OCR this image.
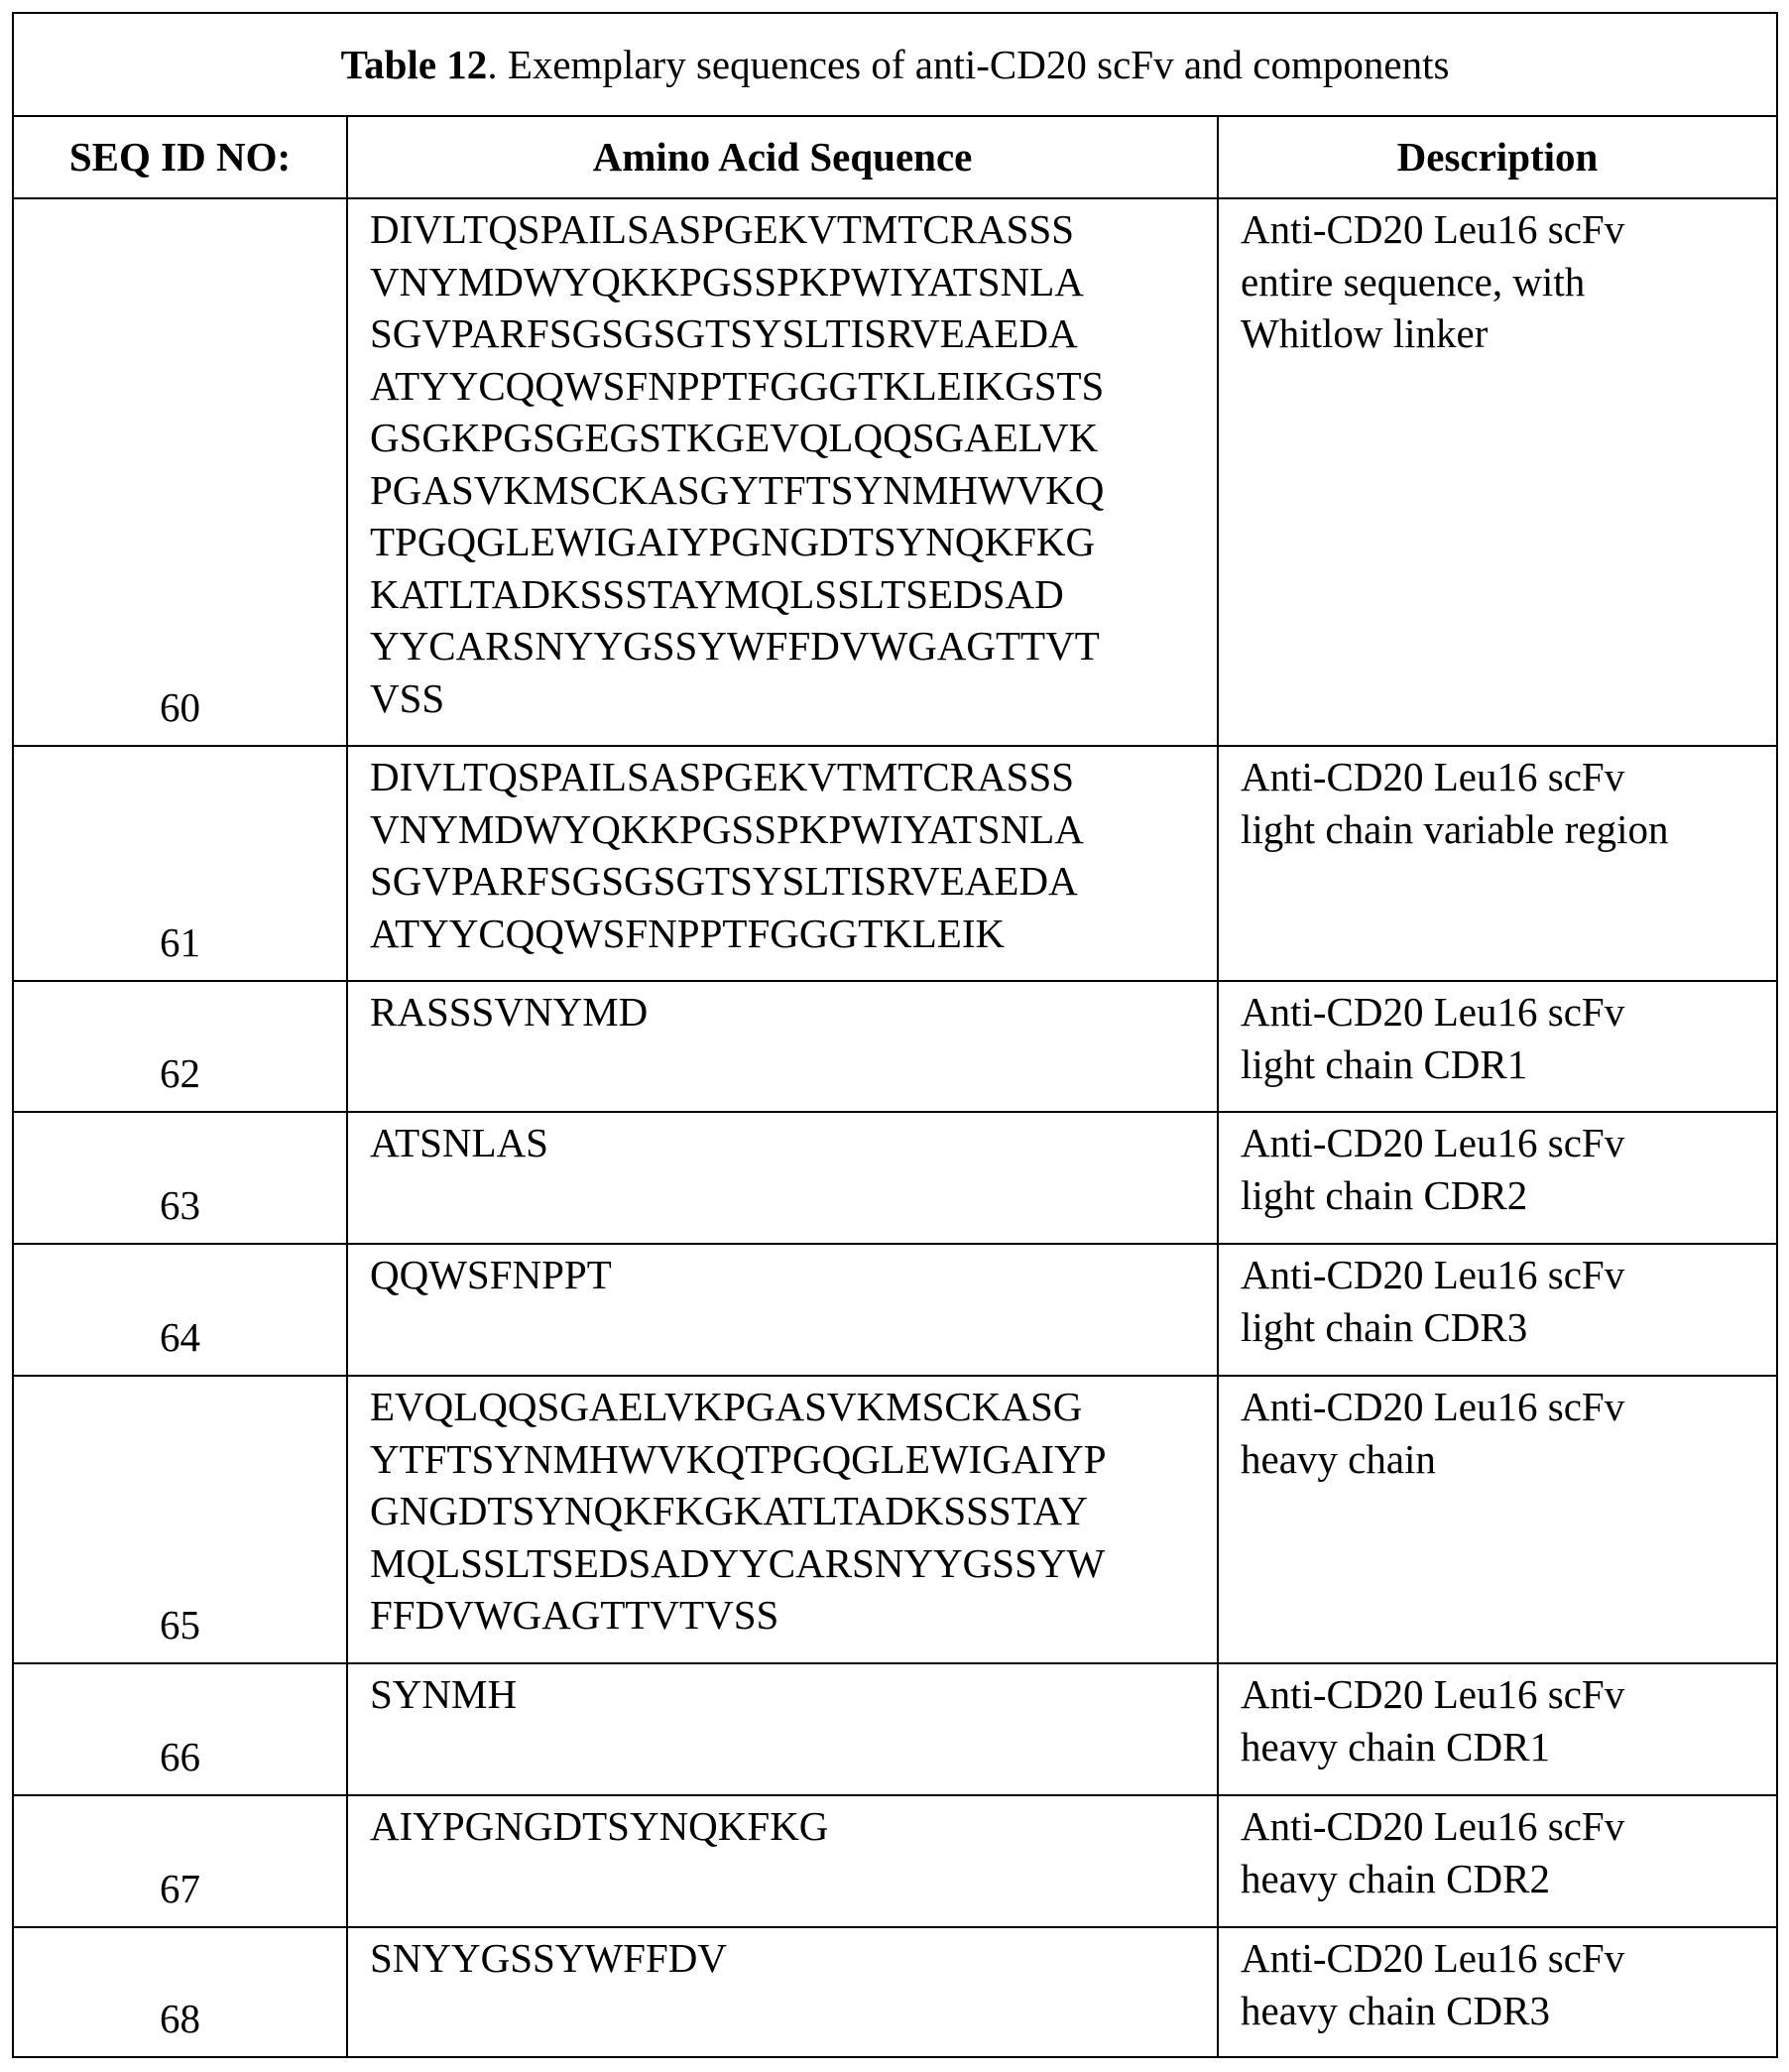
Table 12. Exemplary sequences of anti-CD20 scFv and components
SEQ ID NO:	Amino Acid Sequence	Description
60	DIVLTQSPAILSASPGEKVTMTCRASSS
VNYMDWYQKKPGSSPKPWIYATSNLA
SGVPARFSGSGSGTSYSLTISRVEAEDA
ATYYCQQWSFNPPTFGGGTKLEIKGSTS
GSGKPGSGEGSTKGEVQLQQSGAELVK
PGASVKMSCKASGYTFTSYNMHWVKQ
TPGQGLEWIGAIYPGNGDTSYNQKFKG
KATLTADKSSSTAYMQLSSLTSEDSAD
YYCARSNYYGSSYWFFDVWGAGTTVT
VSS	Anti-CD20 Leu16 scFv
entire sequence, with
Whitlow linker
61	DIVLTQSPAILSASPGEKVTMTCRASSS
VNYMDWYQKKPGSSPKPWIYATSNLA
SGVPARFSGSGSGTSYSLTISRVEAEDA
ATYYCQQWSFNPPTFGGGTKLEIK	Anti-CD20 Leu16 scFv
light chain variable region
62	RASSSVNYMD	Anti-CD20 Leu16 scFv
light chain CDR1
63	ATSNLAS	Anti-CD20 Leu16 scFv
light chain CDR2
64	QQWSFNPPT	Anti-CD20 Leu16 scFv
light chain CDR3
65	EVQLQQSGAELVKPGASVKMSCKASG
YTFTSYNMHWVKQTPGQGLEWIGAIYP
GNGDTSYNQKFKGKATLTADKSSSTAY
MQLSSLTSEDSADYYCARSNYYGSSYW
FFDVWGAGTTVTVSS	Anti-CD20 Leu16 scFv
heavy chain
66	SYNMH	Anti-CD20 Leu16 scFv
heavy chain CDR1
67	AIYPGNGDTSYNQKFKG	Anti-CD20 Leu16 scFv
heavy chain CDR2
68	SNYYGSSYWFFDV	Anti-CD20 Leu16 scFv
heavy chain CDR3
